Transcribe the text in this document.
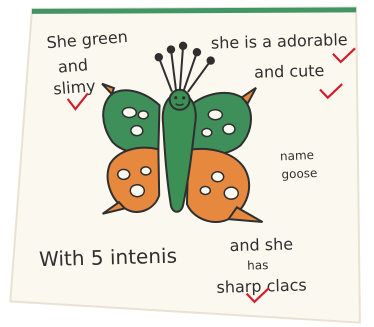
She green
and
slimy
she is a adorable
and cute
name
goose
With 5 intenis	and she
has
sharp clacs
